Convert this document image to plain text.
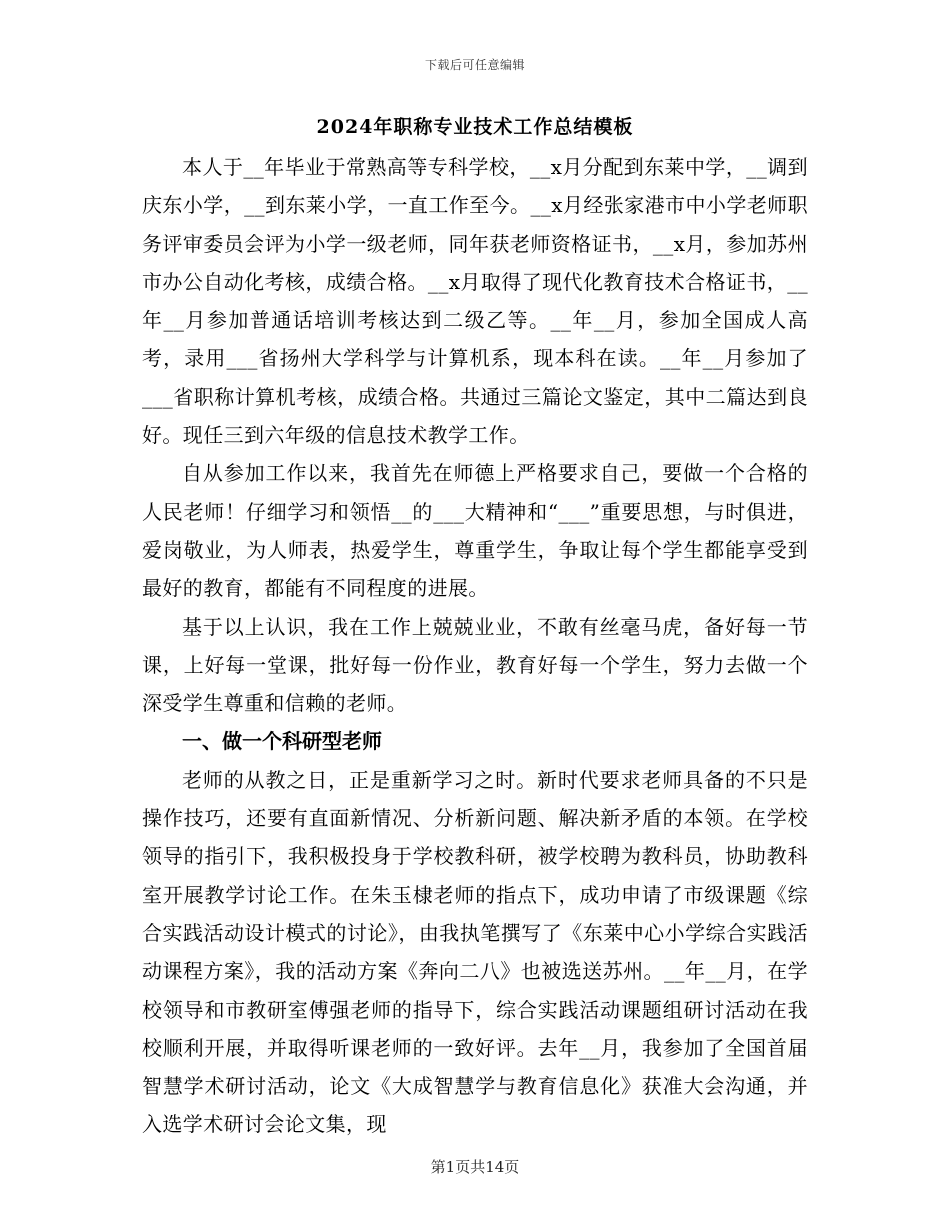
下载后可任意编辑
2024年职称专业技术工作总结模板

本人于__年毕业于常熟高等专科学校，__x月分配到东莱中学，__调到庆东小学，__到东莱小学，一直工作至今。__x月经张家港市中小学老师职务评审委员会评为小学一级老师，同年获老师资格证书，__x月，参加苏州市办公自动化考核，成绩合格。__x月取得了现代化教育技术合格证书，__年__月参加普通话培训考核达到二级乙等。__年__月，参加全国成人高考，录用___省扬州大学科学与计算机系，现本科在读。__年__月参加了___省职称计算机考核，成绩合格。共通过三篇论文鉴定，其中二篇达到良好。现任三到六年级的信息技术教学工作。

自从参加工作以来，我首先在师德上严格要求自己，要做一个合格的人民老师！仔细学习和领悟__的___大精神和“___”重要思想，与时俱进，爱岗敬业，为人师表，热爱学生，尊重学生，争取让每个学生都能享受到最好的教育，都能有不同程度的进展。

基于以上认识，我在工作上兢兢业业，不敢有丝毫马虎，备好每一节课，上好每一堂课，批好每一份作业，教育好每一个学生，努力去做一个深受学生尊重和信赖的老师。

一、做一个科研型老师

老师的从教之日，正是重新学习之时。新时代要求老师具备的不只是操作技巧，还要有直面新情况、分析新问题、解决新矛盾的本领。在学校领导的指引下，我积极投身于学校教科研，被学校聘为教科员，协助教科室开展教学讨论工作。在朱玉棣老师的指点下，成功申请了市级课题《综合实践活动设计模式的讨论》，由我执笔撰写了《东莱中心小学综合实践活动课程方案》，我的活动方案《奔向二八》也被选送苏州。__年__月，在学校领导和市教研室傅强老师的指导下，综合实践活动课题组研讨活动在我校顺利开展，并取得听课老师的一致好评。去年__月，我参加了全国首届智慧学术研讨活动，论文《大成智慧学与教育信息化》获准大会沟通，并入选学术研讨会论文集，现

第1页共14页
